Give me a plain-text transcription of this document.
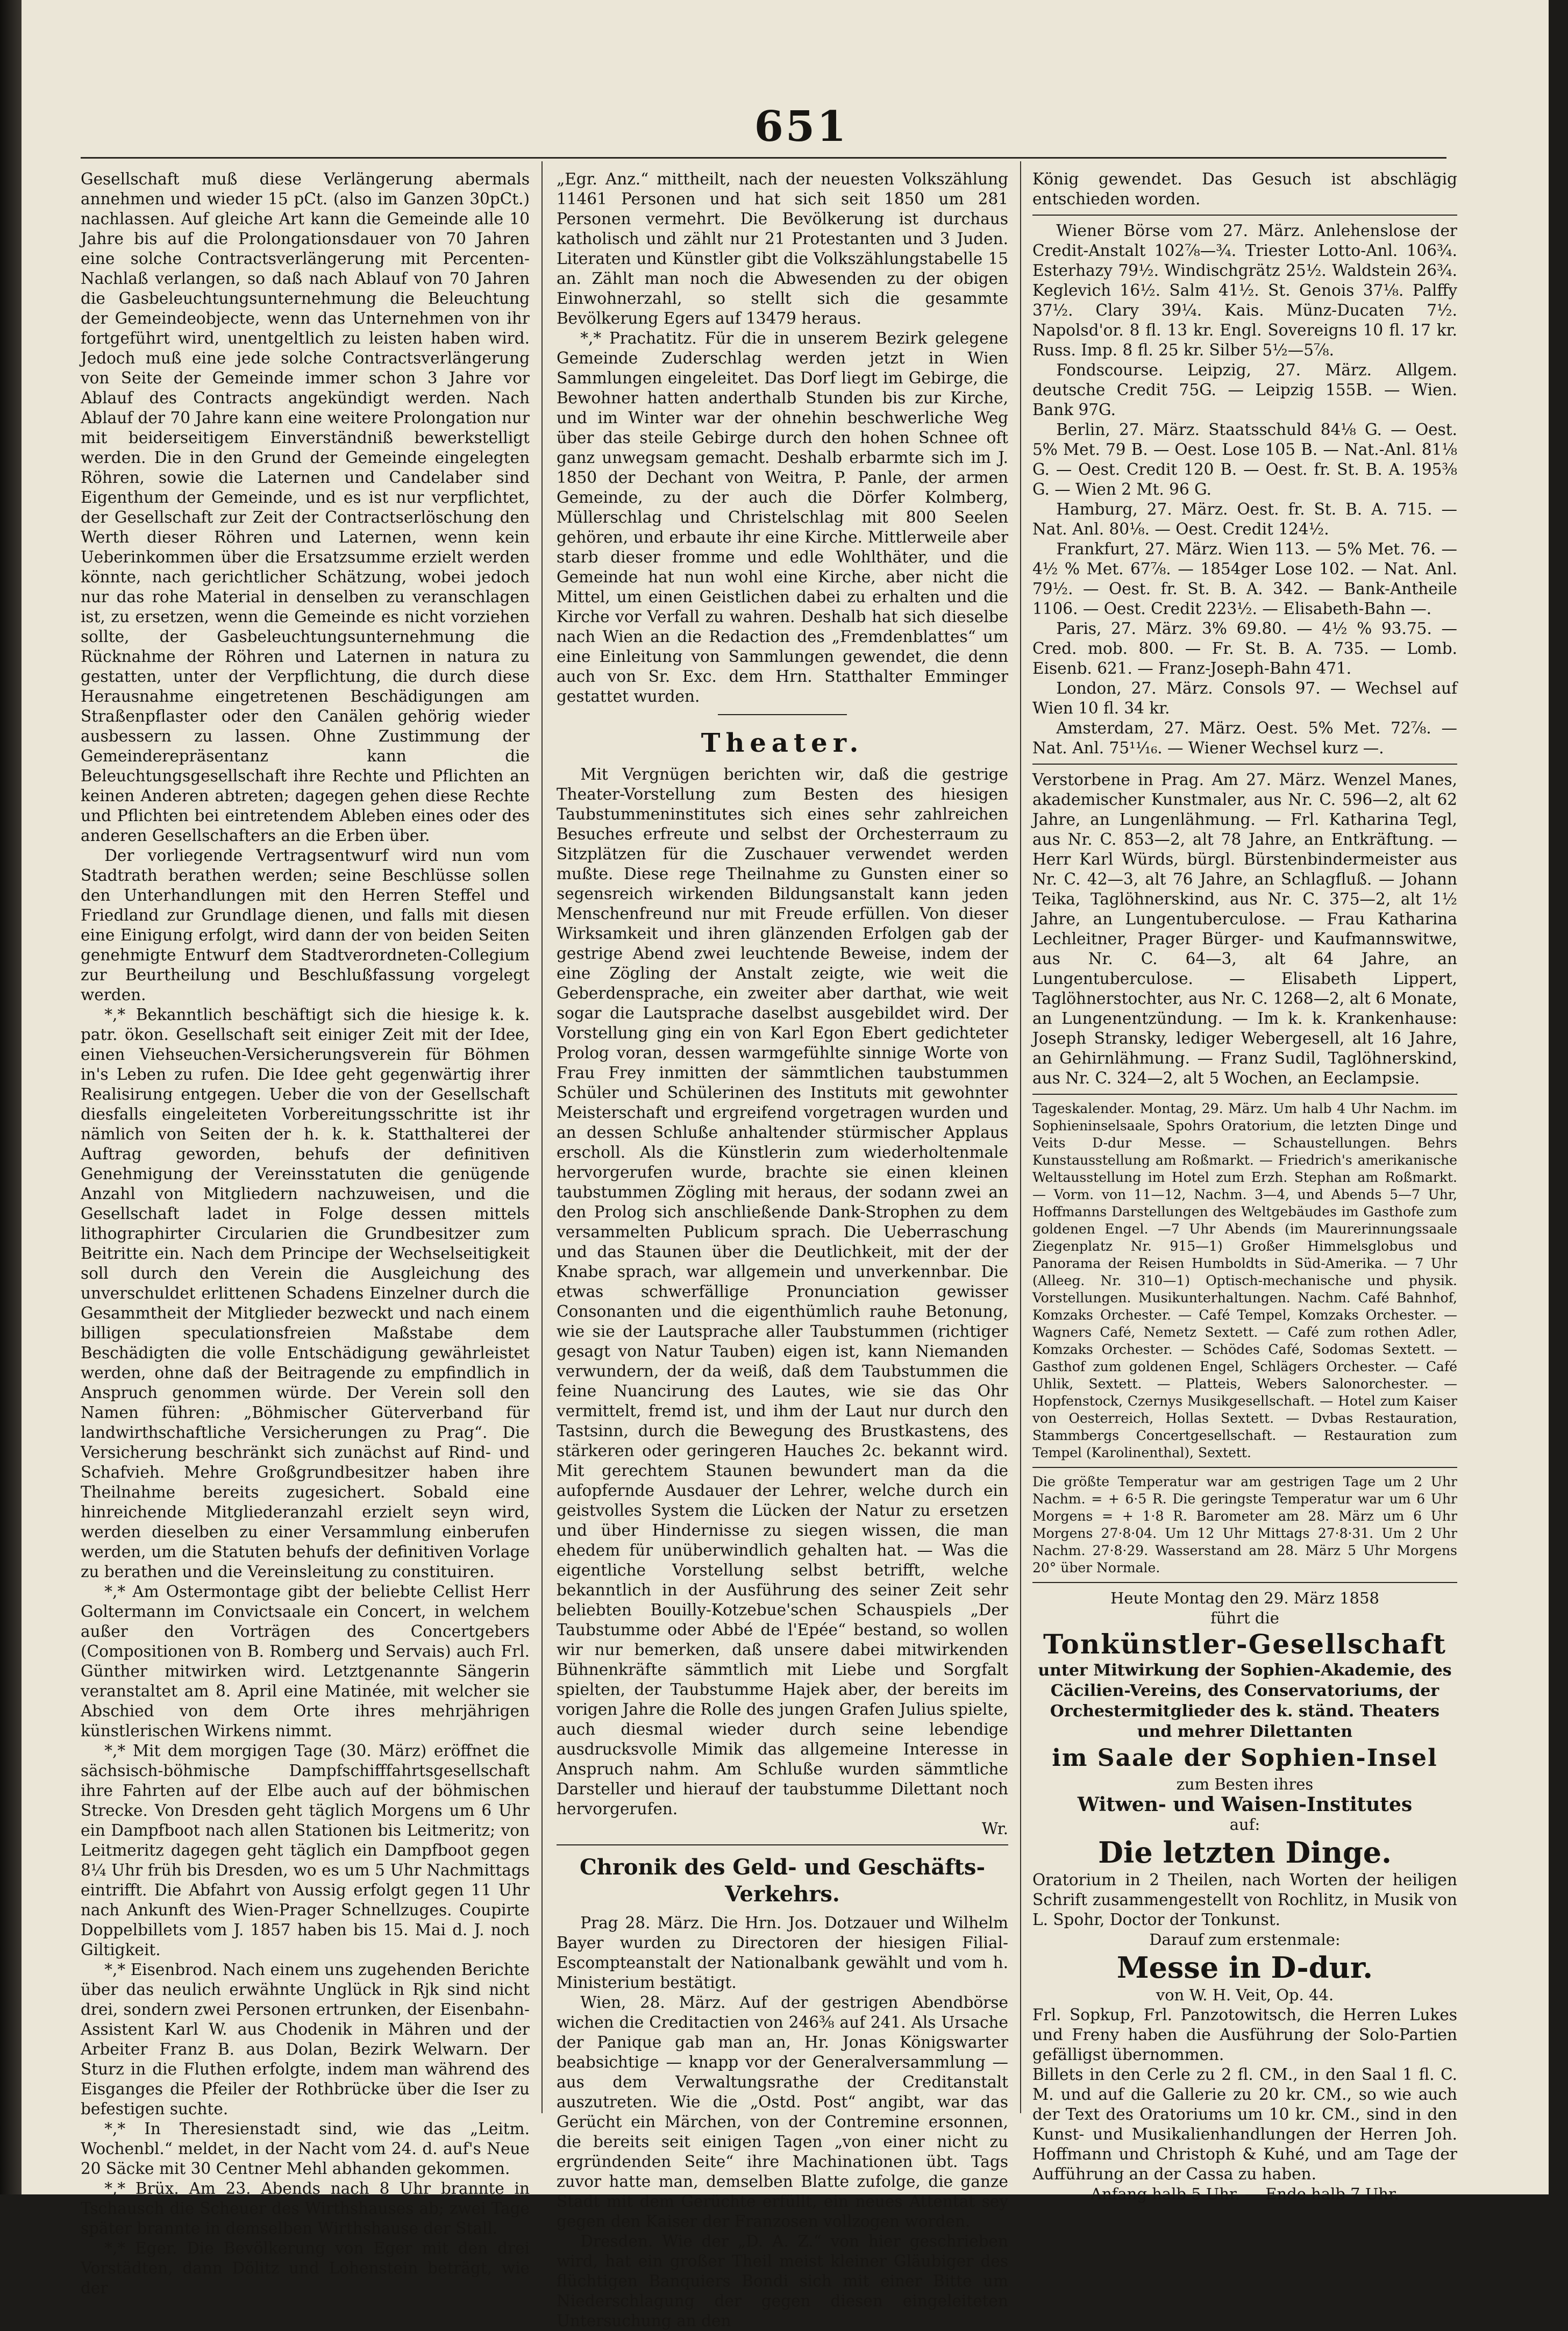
651

Gesellschaft muß diese Verlängerung abermals annehmen und wieder 15 pCt. (also im Ganzen 30pCt.) nachlassen. Auf gleiche Art kann die Gemeinde alle 10 Jahre bis auf die Prolongationsdauer von 70 Jahren eine solche Contractsverlängerung mit Percenten-Nachlaß verlangen, so daß nach Ablauf von 70 Jahren die Gasbeleuchtungsunternehmung die Beleuchtung der Gemeindeobjecte, wenn das Unternehmen von ihr fortgeführt wird, unentgeltlich zu leisten haben wird. Jedoch muß eine jede solche Contractsverlängerung von Seite der Gemeinde immer schon 3 Jahre vor Ablauf des Contracts angekündigt werden. Nach Ablauf der 70 Jahre kann eine weitere Prolongation nur mit beiderseitigem Einverständniß bewerkstelligt werden. Die in den Grund der Gemeinde eingelegten Röhren, sowie die Laternen und Candelaber sind Eigenthum der Gemeinde, und es ist nur verpflichtet, der Gesellschaft zur Zeit der Contractserlöschung den Werth dieser Röhren und Laternen, wenn kein Ueberinkommen über die Ersatzsumme erzielt werden könnte, nach gerichtlicher Schätzung, wobei jedoch nur das rohe Material in denselben zu veranschlagen ist, zu ersetzen, wenn die Gemeinde es nicht vorziehen sollte, der Gasbeleuchtungsunternehmung die Rücknahme der Röhren und Laternen in natura zu gestatten, unter der Verpflichtung, die durch diese Herausnahme eingetretenen Beschädigungen am Straßenpflaster oder den Canälen gehörig wieder ausbessern zu lassen. Ohne Zustimmung der Gemeinderepräsentanz kann die Beleuchtungsgesellschaft ihre Rechte und Pflichten an keinen Anderen abtreten; dagegen gehen diese Rechte und Pflichten bei eintretendem Ableben eines oder des anderen Gesellschafters an die Erben über.

Der vorliegende Vertragsentwurf wird nun vom Stadtrath berathen werden; seine Beschlüsse sollen den Unterhandlungen mit den Herren Steffel und Friedland zur Grundlage dienen, und falls mit diesen eine Einigung erfolgt, wird dann der von beiden Seiten genehmigte Entwurf dem Stadtverordneten-Collegium zur Beurtheilung und Beschlußfassung vorgelegt werden.

*,* Bekanntlich beschäftigt sich die hiesige k. k. patr. ökon. Gesellschaft seit einiger Zeit mit der Idee, einen Viehseuchen-Versicherungsverein für Böhmen in's Leben zu rufen. Die Idee geht gegenwärtig ihrer Realisirung entgegen. Ueber die von der Gesellschaft diesfalls eingeleiteten Vorbereitungsschritte ist ihr nämlich von Seiten der h. k. k. Statthalterei der Auftrag geworden, behufs der definitiven Genehmigung der Vereinsstatuten die genügende Anzahl von Mitgliedern nachzuweisen, und die Gesellschaft ladet in Folge dessen mittels lithographirter Circularien die Grundbesitzer zum Beitritte ein. Nach dem Principe der Wechselseitigkeit soll durch den Verein die Ausgleichung des unverschuldet erlittenen Schadens Einzelner durch die Gesammtheit der Mitglieder bezweckt und nach einem billigen speculationsfreien Maßstabe dem Beschädigten die volle Entschädigung gewährleistet werden, ohne daß der Beitragende zu empfindlich in Anspruch genommen würde. Der Verein soll den Namen führen: „Böhmischer Güterverband für landwirthschaftliche Versicherungen zu Prag“. Die Versicherung beschränkt sich zunächst auf Rind- und Schafvieh. Mehre Großgrundbesitzer haben ihre Theilnahme bereits zugesichert. Sobald eine hinreichende Mitgliederanzahl erzielt seyn wird, werden dieselben zu einer Versammlung einberufen werden, um die Statuten behufs der definitiven Vorlage zu berathen und die Vereinsleitung zu constituiren.

*,* Am Ostermontage gibt der beliebte Cellist Herr Goltermann im Convictsaale ein Concert, in welchem außer den Vorträgen des Concertgebers (Compositionen von B. Romberg und Servais) auch Frl. Günther mitwirken wird. Letztgenannte Sängerin veranstaltet am 8. April eine Matinée, mit welcher sie Abschied von dem Orte ihres mehrjährigen künstlerischen Wirkens nimmt.

*,* Mit dem morgigen Tage (30. März) eröffnet die sächsisch-böhmische Dampfschifffahrtsgesellschaft ihre Fahrten auf der Elbe auch auf der böhmischen Strecke. Von Dresden geht täglich Morgens um 6 Uhr ein Dampfboot nach allen Stationen bis Leitmeritz; von Leitmeritz dagegen geht täglich ein Dampfboot gegen 8¼ Uhr früh bis Dresden, wo es um 5 Uhr Nachmittags eintrifft. Die Abfahrt von Aussig erfolgt gegen 11 Uhr nach Ankunft des Wien-Prager Schnellzuges. Coupirte Doppelbillets vom J. 1857 haben bis 15. Mai d. J. noch Giltigkeit.

*,* Eisenbrod. Nach einem uns zugehenden Berichte über das neulich erwähnte Unglück in Rjk sind nicht drei, sondern zwei Personen ertrunken, der Eisenbahn-Assistent Karl W. aus Chodenik in Mähren und der Arbeiter Franz B. aus Dolan, Bezirk Welwarn. Der Sturz in die Fluthen erfolgte, indem man während des Eisganges die Pfeiler der Rothbrücke über die Iser zu befestigen suchte.

*,* In Theresienstadt sind, wie das „Leitm. Wochenbl.“ meldet, in der Nacht vom 24. d. auf's Neue 20 Säcke mit 30 Centner Mehl abhanden gekommen.

*,* Brüx. Am 23. Abends nach 8 Uhr brannte in Tschausch die Scheuer des Wirthshauses ab; zwei Tage später brannte in demselben Wirthshause der Stall.

*,* Eger. Die Bevölkerung von Eger mit den drei Vorstädten, dann Dölitz und Lohenstein beträgt, wie der

„Egr. Anz.“ mittheilt, nach der neuesten Volkszählung 11461 Personen und hat sich seit 1850 um 281 Personen vermehrt. Die Bevölkerung ist durchaus katholisch und zählt nur 21 Protestanten und 3 Juden. Literaten und Künstler gibt die Volkszählungstabelle 15 an. Zählt man noch die Abwesenden zu der obigen Einwohnerzahl, so stellt sich die gesammte Bevölkerung Egers auf 13479 heraus.

*,* Prachatitz. Für die in unserem Bezirk gelegene Gemeinde Zuderschlag werden jetzt in Wien Sammlungen eingeleitet. Das Dorf liegt im Gebirge, die Bewohner hatten anderthalb Stunden bis zur Kirche, und im Winter war der ohnehin beschwerliche Weg über das steile Gebirge durch den hohen Schnee oft ganz unwegsam gemacht. Deshalb erbarmte sich im J. 1850 der Dechant von Weitra, P. Panle, der armen Gemeinde, zu der auch die Dörfer Kolmberg, Müllerschlag und Christelschlag mit 800 Seelen gehören, und erbaute ihr eine Kirche. Mittlerweile aber starb dieser fromme und edle Wohlthäter, und die Gemeinde hat nun wohl eine Kirche, aber nicht die Mittel, um einen Geistlichen dabei zu erhalten und die Kirche vor Verfall zu wahren. Deshalb hat sich dieselbe nach Wien an die Redaction des „Fremdenblattes“ um eine Einleitung von Sammlungen gewendet, die denn auch von Sr. Exc. dem Hrn. Statthalter Emminger gestattet wurden.

Theater.

Mit Vergnügen berichten wir, daß die gestrige Theater-Vorstellung zum Besten des hiesigen Taubstummeninstitutes sich eines sehr zahlreichen Besuches erfreute und selbst der Orchesterraum zu Sitzplätzen für die Zuschauer verwendet werden mußte. Diese rege Theilnahme zu Gunsten einer so segensreich wirkenden Bildungsanstalt kann jeden Menschenfreund nur mit Freude erfüllen. Von dieser Wirksamkeit und ihren glänzenden Erfolgen gab der gestrige Abend zwei leuchtende Beweise, indem der eine Zögling der Anstalt zeigte, wie weit die Geberdensprache, ein zweiter aber darthat, wie weit sogar die Lautsprache daselbst ausgebildet wird. Der Vorstellung ging ein von Karl Egon Ebert gedichteter Prolog voran, dessen warmgefühlte sinnige Worte von Frau Frey inmitten der sämmtlichen taubstummen Schüler und Schülerinen des Instituts mit gewohnter Meisterschaft und ergreifend vorgetragen wurden und an dessen Schluße anhaltender stürmischer Applaus erscholl. Als die Künstlerin zum wiederholtenmale hervorgerufen wurde, brachte sie einen kleinen taubstummen Zögling mit heraus, der sodann zwei an den Prolog sich anschließende Dank-Strophen zu dem versammelten Publicum sprach. Die Ueberraschung und das Staunen über die Deutlichkeit, mit der der Knabe sprach, war allgemein und unverkennbar. Die etwas schwerfällige Pronunciation gewisser Consonanten und die eigenthümlich rauhe Betonung, wie sie der Lautsprache aller Taubstummen (richtiger gesagt von Natur Tauben) eigen ist, kann Niemanden verwundern, der da weiß, daß dem Taubstummen die feine Nuancirung des Lautes, wie sie das Ohr vermittelt, fremd ist, und ihm der Laut nur durch den Tastsinn, durch die Bewegung des Brustkastens, des stärkeren oder geringeren Hauches 2c. bekannt wird. Mit gerechtem Staunen bewundert man da die aufopfernde Ausdauer der Lehrer, welche durch ein geistvolles System die Lücken der Natur zu ersetzen und über Hindernisse zu siegen wissen, die man ehedem für unüberwindlich gehalten hat. — Was die eigentliche Vorstellung selbst betrifft, welche bekanntlich in der Ausführung des seiner Zeit sehr beliebten Bouilly-Kotzebue'schen Schauspiels „Der Taubstumme oder Abbé de l'Epée“ bestand, so wollen wir nur bemerken, daß unsere dabei mitwirkenden Bühnenkräfte sämmtlich mit Liebe und Sorgfalt spielten, der Taubstumme Hajek aber, der bereits im vorigen Jahre die Rolle des jungen Grafen Julius spielte, auch diesmal wieder durch seine lebendige ausdrucksvolle Mimik das allgemeine Interesse in Anspruch nahm. Am Schluße wurden sämmtliche Darsteller und hierauf der taubstumme Dilettant noch hervorgerufen.

Wr.

Chronik des Geld- und Geschäfts-Verkehrs.

Prag 28. März. Die Hrn. Jos. Dotzauer und Wilhelm Bayer wurden zu Directoren der hiesigen Filial-Escompteanstalt der Nationalbank gewählt und vom h. Ministerium bestätigt.

Wien, 28. März. Auf der gestrigen Abendbörse wichen die Creditactien von 246⅜ auf 241. Als Ursache der Panique gab man an, Hr. Jonas Königswarter beabsichtige — knapp vor der Generalversammlung — aus dem Verwaltungsrathe der Creditanstalt auszutreten. Wie die „Ostd. Post“ angibt, war das Gerücht ein Märchen, von der Contremine ersonnen, die bereits seit einigen Tagen „von einer nicht zu ergründenden Seite“ ihre Machinationen übt. Tags zuvor hatte man, demselben Blatte zufolge, die ganze Stadt mit dem Gerüchte erfüllt, ein neues Attentat sey gegen den Kaiser der Franzosen vollzogen worden.

Dresden. Wie der „D. A. Z.“ von hier geschrieben wird, hat ein großer Theil meist kleiner Gläubiger des flüchtigen Banquiers Bondi sich mit einer Bitte um Niederschlagung der gegen diesen eingeleiteten Untersuchung an den

König gewendet. Das Gesuch ist abschlägig entschieden worden.

Wiener Börse vom 27. März. Anlehenslose der Credit-Anstalt 102⅞—¾. Triester Lotto-Anl. 106¾. Esterhazy 79½. Windischgrätz 25½. Waldstein 26¾. Keglevich 16½. Salm 41½. St. Genois 37⅛. Palffy 37½. Clary 39¼. Kais. Münz-Ducaten 7½. Napolsd'or. 8 fl. 13 kr. Engl. Sovereigns 10 fl. 17 kr. Russ. Imp. 8 fl. 25 kr. Silber 5½—5⅞.

Fondscourse. Leipzig, 27. März. Allgem. deutsche Credit 75G. — Leipzig 155B. — Wien. Bank 97G.

Berlin, 27. März. Staatsschuld 84⅛ G. — Oest. 5% Met. 79 B. — Oest. Lose 105 B. — Nat.-Anl. 81⅛ G. — Oest. Credit 120 B. — Oest. fr. St. B. A. 195⅜ G. — Wien 2 Mt. 96 G.

Hamburg, 27. März. Oest. fr. St. B. A. 715. — Nat. Anl. 80⅛. — Oest. Credit 124½.

Frankfurt, 27. März. Wien 113. — 5% Met. 76. — 4½ % Met. 67⅞. — 1854ger Lose 102. — Nat. Anl. 79½. — Oest. fr. St. B. A. 342. — Bank-Antheile 1106. — Oest. Credit 223½. — Elisabeth-Bahn —.

Paris, 27. März. 3% 69.80. — 4½ % 93.75. — Cred. mob. 800. — Fr. St. B. A. 735. — Lomb. Eisenb. 621. — Franz-Joseph-Bahn 471.

London, 27. März. Consols 97. — Wechsel auf Wien 10 fl. 34 kr.

Amsterdam, 27. März. Oest. 5% Met. 72⅞. — Nat. Anl. 75¹¹⁄₁₆. — Wiener Wechsel kurz —.

Verstorbene in Prag. Am 27. März. Wenzel Manes, akademischer Kunstmaler, aus Nr. C. 596—2, alt 62 Jahre, an Lungenlähmung. — Frl. Katharina Tegl, aus Nr. C. 853—2, alt 78 Jahre, an Entkräftung. — Herr Karl Würds, bürgl. Bürstenbindermeister aus Nr. C. 42—3, alt 76 Jahre, an Schlagfluß. — Johann Teika, Taglöhnerskind, aus Nr. C. 375—2, alt 1½ Jahre, an Lungentuberculose. — Frau Katharina Lechleitner, Prager Bürger- und Kaufmannswitwe, aus Nr. C. 64—3, alt 64 Jahre, an Lungentuberculose. — Elisabeth Lippert, Taglöhnerstochter, aus Nr. C. 1268—2, alt 6 Monate, an Lungenentzündung. — Im k. k. Krankenhause: Joseph Stransky, lediger Webergesell, alt 16 Jahre, an Gehirnlähmung. — Franz Sudil, Taglöhnerskind, aus Nr. C. 324—2, alt 5 Wochen, an Eeclampsie.

Tageskalender. Montag, 29. März. Um halb 4 Uhr Nachm. im Sophieninselsaale, Spohrs Oratorium, die letzten Dinge und Veits D-dur Messe. — Schaustellungen. Behrs Kunstausstellung am Roßmarkt. — Friedrich's amerikanische Weltausstellung im Hotel zum Erzh. Stephan am Roßmarkt. — Vorm. von 11—12, Nachm. 3—4, und Abends 5—7 Uhr, Hoffmanns Darstellungen des Weltgebäudes im Gasthofe zum goldenen Engel. —7 Uhr Abends (im Maurerinnungssaale Ziegenplatz Nr. 915—1) Großer Himmelsglobus und Panorama der Reisen Humboldts in Süd-Amerika. — 7 Uhr (Alleeg. Nr. 310—1) Optisch-mechanische und physik. Vorstellungen. Musikunterhaltungen. Nachm. Café Bahnhof, Komzaks Orchester. — Café Tempel, Komzaks Orchester. — Wagners Café, Nemetz Sextett. — Café zum rothen Adler, Komzaks Orchester. — Schödes Café, Sodomas Sextett. — Gasthof zum goldenen Engel, Schlägers Orchester. — Café Uhlik, Sextett. — Platteis, Webers Salonorchester. — Hopfenstock, Czernys Musikgesellschaft. — Hotel zum Kaiser von Oesterreich, Hollas Sextett. — Dvbas Restauration, Stammbergs Concertgesellschaft. — Restauration zum Tempel (Karolinenthal), Sextett.

Die größte Temperatur war am gestrigen Tage um 2 Uhr Nachm. = + 6·5 R. Die geringste Temperatur war um 6 Uhr Morgens = + 1·8 R. Barometer am 28. März um 6 Uhr Morgens 27·8·04. Um 12 Uhr Mittags 27·8·31. Um 2 Uhr Nachm. 27·8·29. Wasserstand am 28. März 5 Uhr Morgens 20° über Normale.

Heute Montag den 29. März 1858
führt die
Tonkünstler-Gesellschaft
unter Mitwirkung der Sophien-Akademie, des Cäcilien-Vereins, des Conservatoriums, der Orchestermitglieder des k. ständ. Theaters und mehrer Dilettanten
im Saale der Sophien-Insel
zum Besten ihres
Witwen- und Waisen-Institutes
auf:
Die letzten Dinge.
Oratorium in 2 Theilen, nach Worten der heiligen Schrift zusammengestellt von Rochlitz, in Musik von L. Spohr, Doctor der Tonkunst.
Darauf zum erstenmale:
Messe in D-dur.
von W. H. Veit, Op. 44.
Frl. Sopkup, Frl. Panzotowitsch, die Herren Lukes und Freny haben die Ausführung der Solo-Partien gefälligst übernommen.
Billets in den Cerle zu 2 fl. CM., in den Saal 1 fl. C. M. und auf die Gallerie zu 20 kr. CM., so wie auch der Text des Oratoriums um 10 kr. CM., sind in den Kunst- und Musikalienhandlungen der Herren Joh. Hoffmann und Christoph & Kuhé, und am Tage der Aufführung an der Cassa zu haben.
Anfang halb 5 Uhr. — Ende halb 7 Uhr.
